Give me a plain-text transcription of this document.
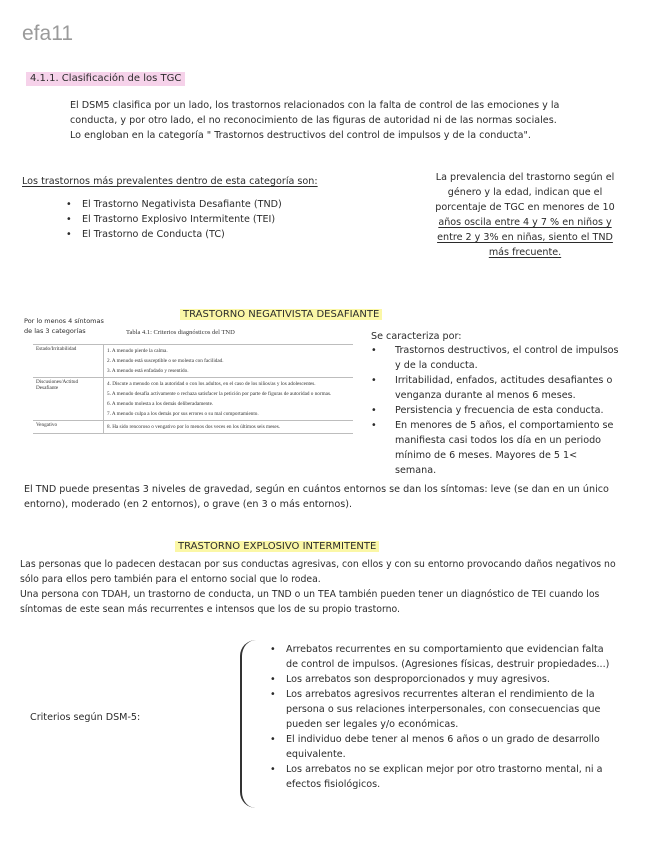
efa11
4.1.1. Clasificación de los TGC

El DSM5 clasifica por un lado, los trastornos relacionados con la falta de control de las emociones y la

conducta, y por otro lado, el no reconocimiento de las figuras de autoridad ni de las normas sociales.

Lo engloban en la categoría " Trastornos destructivos del control de impulsos y de la conducta".

Los trastornos más prevalentes dentro de esta categoría son:
• El Trastorno Negativista Desafiante (TND)
• El Trastorno Explosivo Intermitente (TEI)
• El Trastorno de Conducta (TC)
La prevalencia del trastorno según el
género y la edad, indican que el
porcentaje de TGC en menores de 10
años oscila entre 4 y 7 % en niños y
entre 2 y 3% en niñas, siento el TND
más frecuente.
TRASTORNO NEGATIVISTA DESAFIANTE
Por lo menos 4 síntomas
de las 3 categorías	Tabla 4.1: Criterios diagnósticos del TND
Estado/Irritabilidad	1. A menudo pierde la calma.
2. A menudo está susceptible o se molesta con facilidad.
3. A menudo está enfadado y resentido.

Discusiones/Actitud Desafiante	4. Discute a menudo con la autoridad o con los adultos, en el caso de los niños/as y los adolescentes.
5. A menudo desafía activamente o rechaza satisfacer la petición por parte de figuras de autoridad o normas.
6. A menudo molesta a los demás deliberadamente.
7. A menudo culpa a los demás por sus errores o su mal comportamiento.

Vengativo	8. Ha sido rencoroso o vengativo por lo menos dos veces en los últimos seis meses.
Se caracteriza por:
• Trastornos destructivos, el control de impulsos y de la conducta.
• Irritabilidad, enfados, actitudes desafiantes o venganza durante al menos 6 meses.
• Persistencia y frecuencia de esta conducta.
• En menores de 5 años, el comportamiento se manifiesta casi todos los día en un periodo mínimo de 6 meses. Mayores de 5 1< semana.
El TND puede presentas 3 niveles de gravedad, según en cuántos entornos se dan los síntomas: leve (se dan en un único
entorno), moderado (en 2 entornos), o grave (en 3 o más entornos).
TRASTORNO EXPLOSIVO INTERMITENTE
Las personas que lo padecen destacan por sus conductas agresivas, con ellos y con su entorno provocando daños negativos no
sólo para ellos pero también para el entorno social que lo rodea.
Una persona con TDAH, un trastorno de conducta, un TND o un TEA también pueden tener un diagnóstico de TEI cuando los
síntomas de este sean más recurrentes e intensos que los de su propio trastorno.
Criterios según DSM-5:
• Arrebatos recurrentes en su comportamiento que evidencian falta de control de impulsos. (Agresiones físicas, destruir propiedades...)
• Los arrebatos son desproporcionados y muy agresivos.
• Los arrebatos agresivos recurrentes alteran el rendimiento de la persona o sus relaciones interpersonales, con consecuencias que pueden ser legales y/o económicas.
• El individuo debe tener al menos 6 años o un grado de desarrollo equivalente.
• Los arrebatos no se explican mejor por otro trastorno mental, ni a efectos fisiológicos.
